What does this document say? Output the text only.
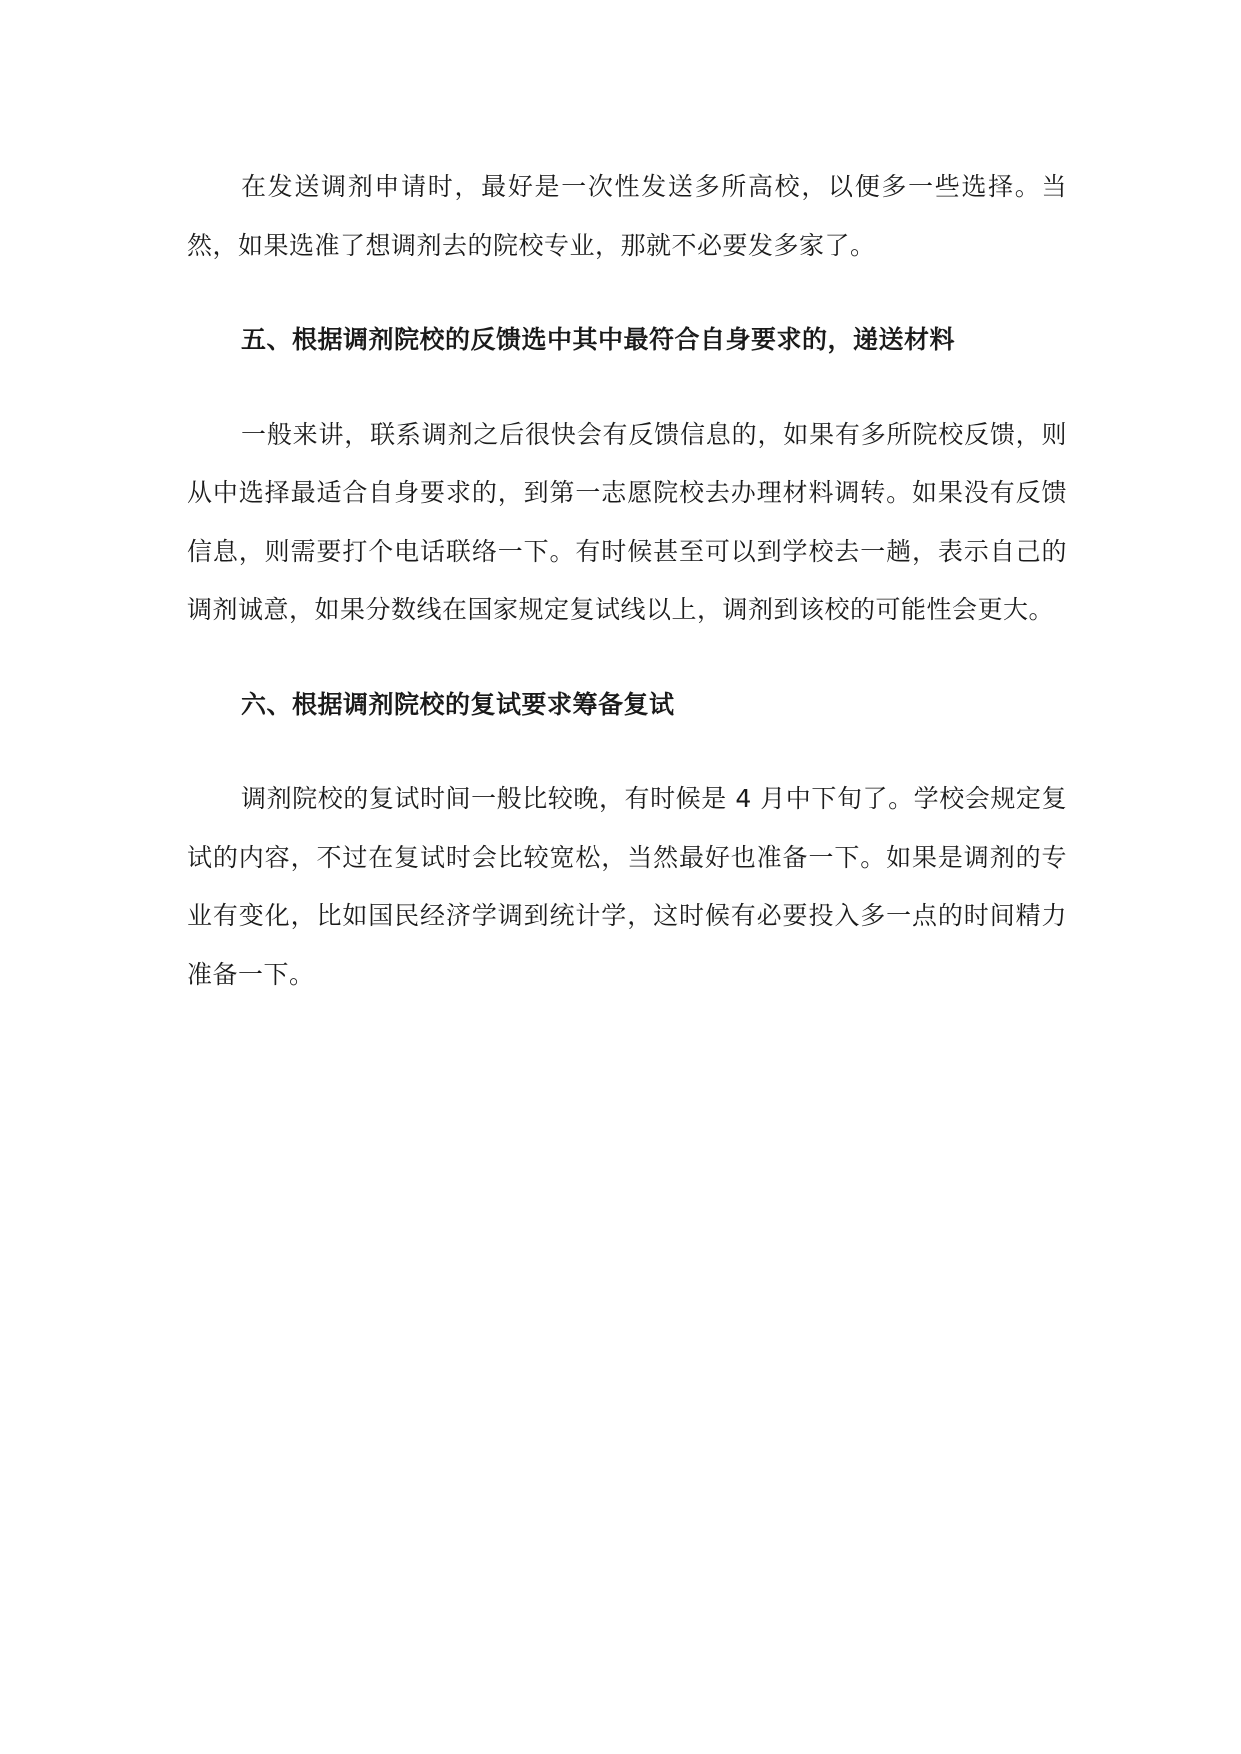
在发送调剂申请时，最好是一次性发送多所高校，以便多一些选择。当然，如果选准了想调剂去的院校专业，那就不必要发多家了。

五、根据调剂院校的反馈选中其中最符合自身要求的，递送材料

一般来讲，联系调剂之后很快会有反馈信息的，如果有多所院校反馈，则从中选择最适合自身要求的，到第一志愿院校去办理材料调转。如果没有反馈信息，则需要打个电话联络一下。有时候甚至可以到学校去一趟，表示自己的调剂诚意，如果分数线在国家规定复试线以上，调剂到该校的可能性会更大。

六、根据调剂院校的复试要求筹备复试

调剂院校的复试时间一般比较晚，有时候是 4 月中下旬了。学校会规定复试的内容，不过在复试时会比较宽松，当然最好也准备一下。如果是调剂的专业有变化，比如国民经济学调到统计学，这时候有必要投入多一点的时间精力准备一下。
